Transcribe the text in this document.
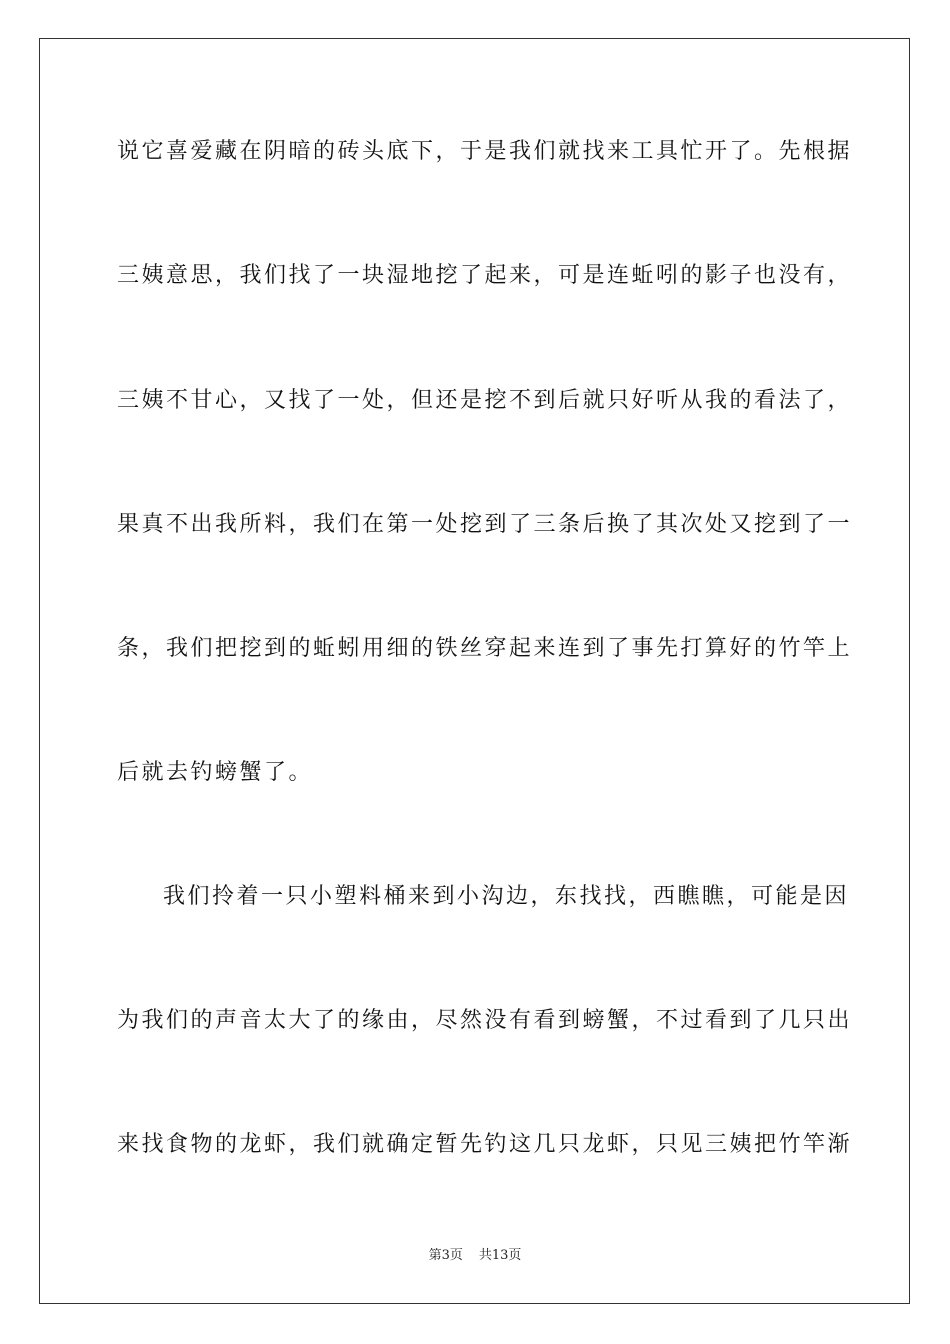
说它喜爱藏在阴暗的砖头底下，于是我们就找来工具忙开了。先根据
三姨意思，我们找了一块湿地挖了起来，可是连蚯吲的影子也没有，
三姨不甘心，又找了一处，但还是挖不到后就只好听从我的看法了，
果真不出我所料，我们在第一处挖到了三条后换了其次处又挖到了一
条，我们把挖到的蚯蚓用细的铁丝穿起来连到了事先打算好的竹竿上
后就去钓螃蟹了。
我们拎着一只小塑料桶来到小沟边，东找找，西瞧瞧，可能是因
为我们的声音太大了的缘由，尽然没有看到螃蟹，不过看到了几只出
来找食物的龙虾，我们就确定暂先钓这几只龙虾，只见三姨把竹竿渐
第3页 共13页
